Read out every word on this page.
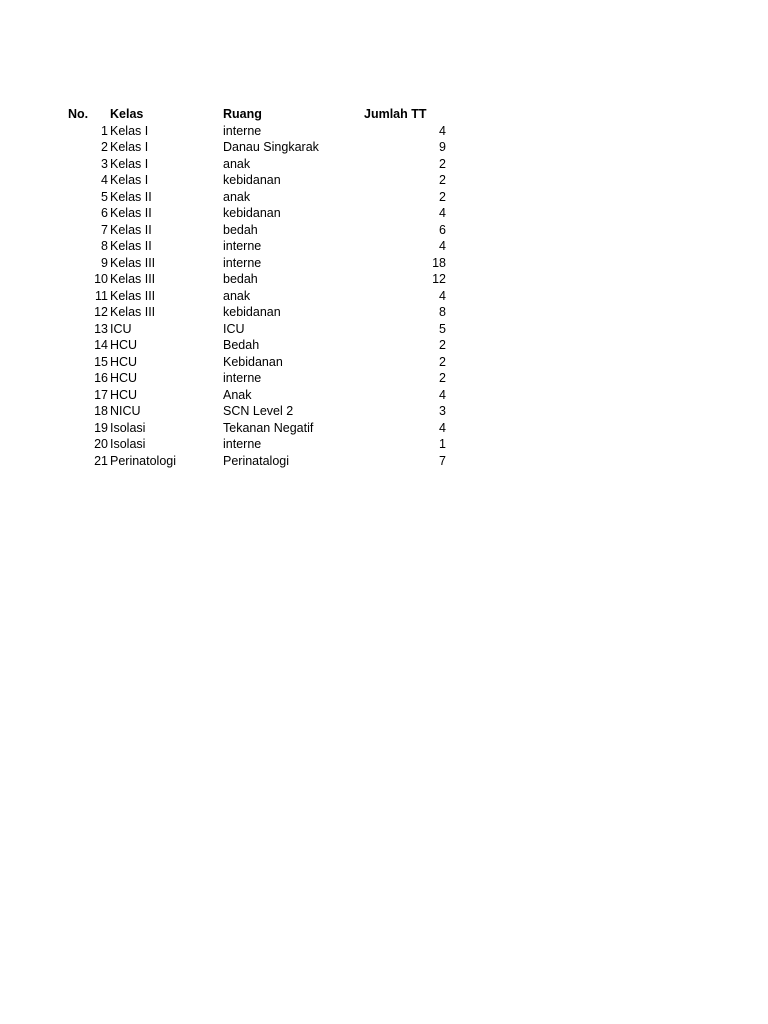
No.	Kelas	Ruang	Jumlah TT
1 Kelas I	interne	4
2 Kelas I	Danau Singkarak	9
3 Kelas I	anak	2
4 Kelas I	kebidanan	2
5 Kelas II	anak	2
6 Kelas II	kebidanan	4
7 Kelas II	bedah	6
8 Kelas II	interne	4
9 Kelas III	interne	18
10 Kelas III	bedah	12
11 Kelas III	anak	4
12 Kelas III	kebidanan	8
13 ICU	ICU	5
14 HCU	Bedah	2
15 HCU	Kebidanan	2
16 HCU	interne	2
17 HCU	Anak	4
18 NICU	SCN Level 2	3
19 Isolasi	Tekanan Negatif	4
20 Isolasi	interne	1
21 Perinatologi	Perinatalogi	7
